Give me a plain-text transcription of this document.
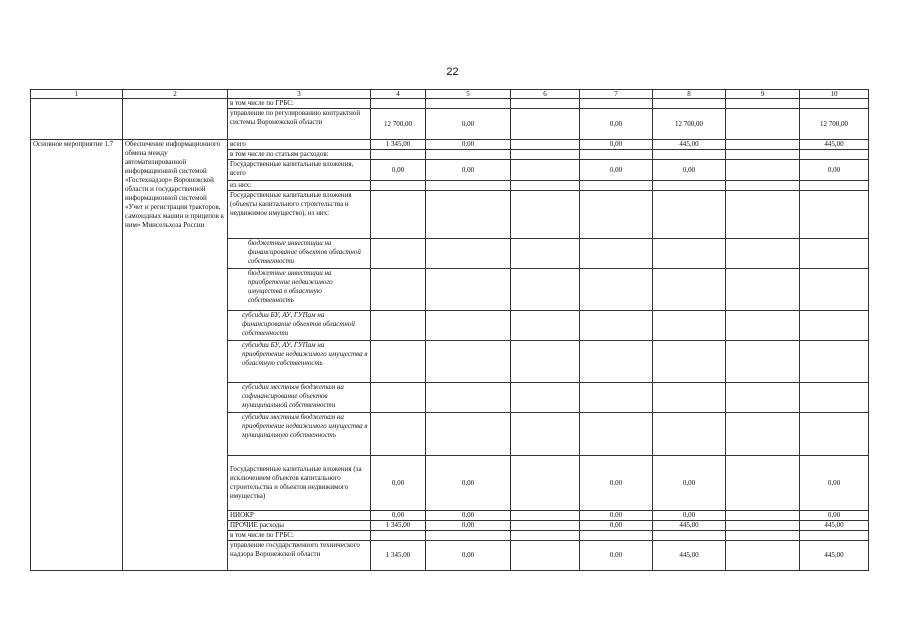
22
1	2	3	4	5	6	7	8	9	10
		в том числе по ГРБС:							
		управление по регулированию контрактной системы Воронежской области	12 700,00	0,00		0,00	12 700,00		12 700,00
Основное мероприятие 1.7	Обеспечение информационного обмена между автоматизированной информационной системой «Гостехнадзор» Воронежской области и государственной информационной системой «Учет и регистрация тракторов, самоходных машин и прицепов к ним» Минсельхоза России	всего	1 345,00	0,00		0,00	445,00		445,00
		в том числе по статьям расходов:							
		Государственные капитальные вложения, всего	0,00	0,00		0,00	0,00		0,00
		из них:							
		Государственные капитальные вложения (объекты капитального строительства и недвижимое имущество), из них:							
		бюджетные инвестиции на финансирование объектов областной собственности							
		бюджетные инвестиции на приобретение недвижимого имущества в областную собственность							
		субсидии БУ, АУ, ГУПам на финансирование объектов областной собственности							
		субсидии БУ, АУ, ГУПам на приобретение недвижимого имущества в областную собственность							
		субсидии местным бюджетам на софинансирование объектов муниципальной собственности							
		субсидии местным бюджетам на приобретение недвижимого имущества в муниципальную собственность							
		Государственные капитальные вложения (за исключением объектов капитального строительства и объектов недвижимого имущества)	0,00	0,00		0,00	0,00		0,00
		НИОКР	0,00	0,00		0,00	0,00		0,00
		ПРОЧИЕ расходы	1 345,00	0,00		0,00	445,00		445,00
		в том числе по ГРБС:							
		управление государственного технического надзора Воронежской области	1 345,00	0,00		0,00	445,00		445,00
